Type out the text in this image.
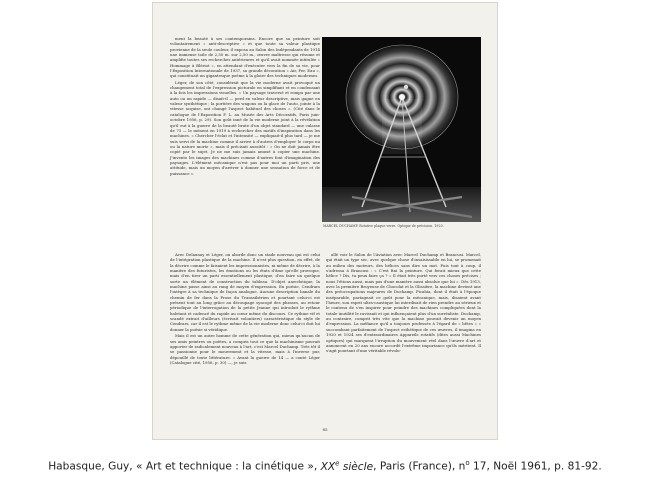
ment la beauté à ses contemporains. Encore que sa peinture soit volontairement « anti-descriptive » et que toute sa valeur plastique provienne de la seule couleur, il exposa au Salon des Indépendants de 1914 une immense toile de 2,50 m. sur 2,50 m., œuvre maîtresse qui résume et amplifie toutes ses recherches antérieures et qu'il avait nommée intitulée « Hommage à Blériot », en attendant d'exécuter vers la fin de sa vie, pour l'Exposition Internationale de 1937, sa grande décoration « Air, Fer, Eau », qui constituait un gigantesque poème à la gloire des techniques modernes.

Léger, de son côté, considérait que la vie moderne avait provoqué un changement total de l'expression picturale en simplifiant et en condensant à la fois les impressions visuelles. « Un paysage traversé et rompu par une auto ou un rapide — disait-il — perd en valeur descriptive, mais gagne en valeur synthétique ; la portière des wagons ou la glace de l'auto, jointe à la vitesse acquise, ont changé l'aspect habituel des choses ». (Cité dans le catalogue de l'Exposition F. L. au Musée des Arts Décoratifs, Paris juin-octobre 1956, p. 29). Son goût inné de la vie moderne joint à la révélation qu'il eut à la guerre de la beauté brute d'un objet standard — une culasse de 75 — le mènent en 1919 à rechercher des motifs d'inspiration dans les machines. « Chercher l'éclat et l'intensité — expliquait-il plus tard — je me suis servi de la machine comme il arrive à d'autres d'employer le corps nu ou la nature morte », mais il précisait aussitôt : « On ne doit jamais être copié par le sujet. Je ne me suis jamais amusé à copier une machine. J'invente les images des machines comme d'autres font d'imagination des paysages. L'élément mécanique n'est pas pour moi un parti pris, une attitude, mais un moyen d'arriver à donner une sensation de force et de puissance ».

MARCEL DUCHAMP. Rotative plaque verre. Optique de précision. 1920.

Avec Delaunay et Léger, on aborde donc un stade nouveau qui est celui de l'intégration plastique de la machine. Il n'est plus question, en effet, de la décrire comme le faisaient les impressionnistes, ni même de décrire, à la manière des futuristes, les émotions ou les états d'âme qu'elle provoque, mais d'en tirer un parti essentiellement plastique, d'en faire un quelque sorte un élément de construction du tableau. D'objet anecdotique, la machine passe ainsi au rang de moyen d'expression. En poésie, Cendrars l'intègre à sa technique de façon analogue. Aucune description banale du chemin de fer dans la Prose du Transsibérien et pourtant celui-ci est présent tout au long grâce au découpage syncopé des phrases, au retour périodique de l'interrogation de la petite Jeanne qui introduit le rythme haletant et cadencé du rapide au cœur même du discours. Ce rythme vif et scandé extrait d'ailleurs (écrivait volontiers) caractéristique du style de Cendrars, car il est le rythme même de la vie moderne donc celui-ci doit lui donner la poésie si véridique.

Mais il est un autre homme de cette génération qui, mieux qu'aucun de ses amis peintres ou poètes, a compris tout ce que la machinisme pouvait apporter de radicalement nouveau à l'art, c'est Marcel Duchamp. Très tôt il se passionne pour le mouvement et la vitesse, mais à l'inverse pur, dépouillé de toute littérature. « Avant la guerre de 14 — a conté Léger (Catalogue cité, 1956, p. 30) —, je suis

allé voir le Salon de l'Aviation avec Marcel Duchamp et Brancusi. Marcel, qui était un type sec, avec quelque chose d'insaisissable en lui, se promenait au milieu des moteurs, des hélices sans dire un mot. Puis tout à coup, il s'adressa à Brancusi : « C'est fini la peinture. Qui ferait mieux que cette hélice ? Dis, tu peux faire ça ? » Il était très porté vers ces choses précises ; nous l'étions aussi, mais pas d'une manière aussi absolue que lui ». Dès 1913, avec la première Broyeuse de Chocolat et la Glissière, la machine devient une des préoccupations majeures de Duchamp. Picabia, dont il était à l'époque inséparable, partageait ce goût pour la mécanique, mais, disaient avant l'heure, son esprit ultra-caustique lui interdisait de rien prendre au sérieux et le contenu de s'en inspirer pour peindre des machines compliquées dont la totale inutilité le ravissait et qui influençaient plus d'un surréaliste. Duchamp, au contraire, comprit très vite que la machine pouvait devenir un moyen d'expression. La méfiance qu'il a toujours professée à l'égard de « bêtes » « succombant parfaitement de l'aspect esthétique de ces œuvres, il imagina en 1920 et 1924 ses d'extraordinaires Appareils rotatifs (dites aussi Machines optiques) qui marquent l'irruption du mouvement réel dans l'œuvre d'art et annoncent en 20 ans encore accordé l'extrême importance qu'ils méritent. Il s'agit pourtant d'une véritable révolu-

85
Habasque, Guy, « Art et technique : la cinétique », XXe siècle, Paris (France), $n^o$ 17, Noël 1961, p. 81-92.
